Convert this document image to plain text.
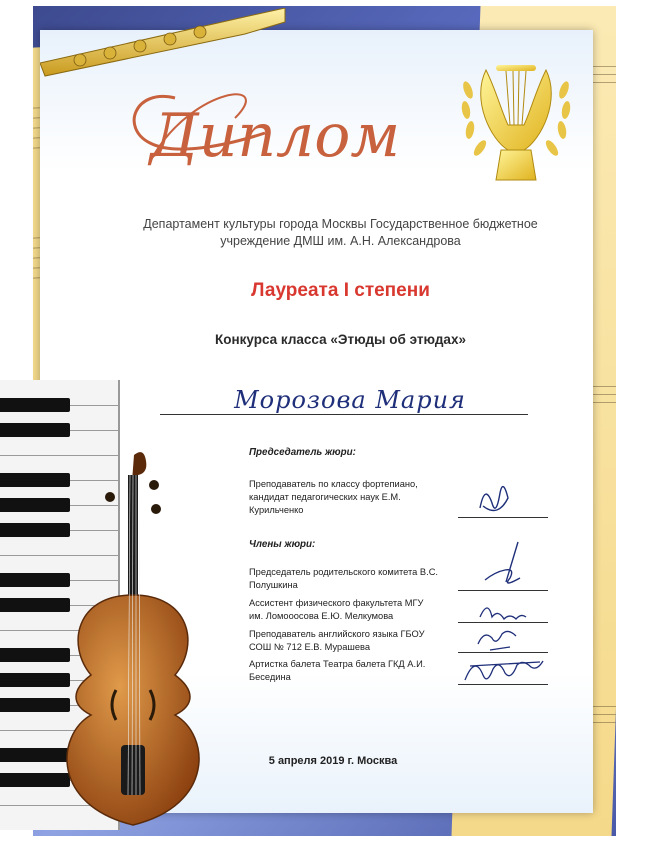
Диплом
Департамент культуры города Москвы Государственное бюджетное учреждение ДМШ им. А.Н. Александрова
Лауреата I степени
Конкурса класса «Этюды об этюдах»
Морозова Мария
Председатель жюри:
Преподаватель по классу фортепиано, кандидат педагогических наук Е.М. Курильченко
Члены жюри:
Председатель родительского комитета В.С. Полушкина
Ассистент физического факультета МГУ им. Ломооосова Е.Ю. Мелкумова
Преподаватель английского языка ГБОУ СОШ № 712 Е.В. Мурашева
Артистка балета Театра балета ГКД А.И. Беседина
5 апреля 2019 г. Москва
